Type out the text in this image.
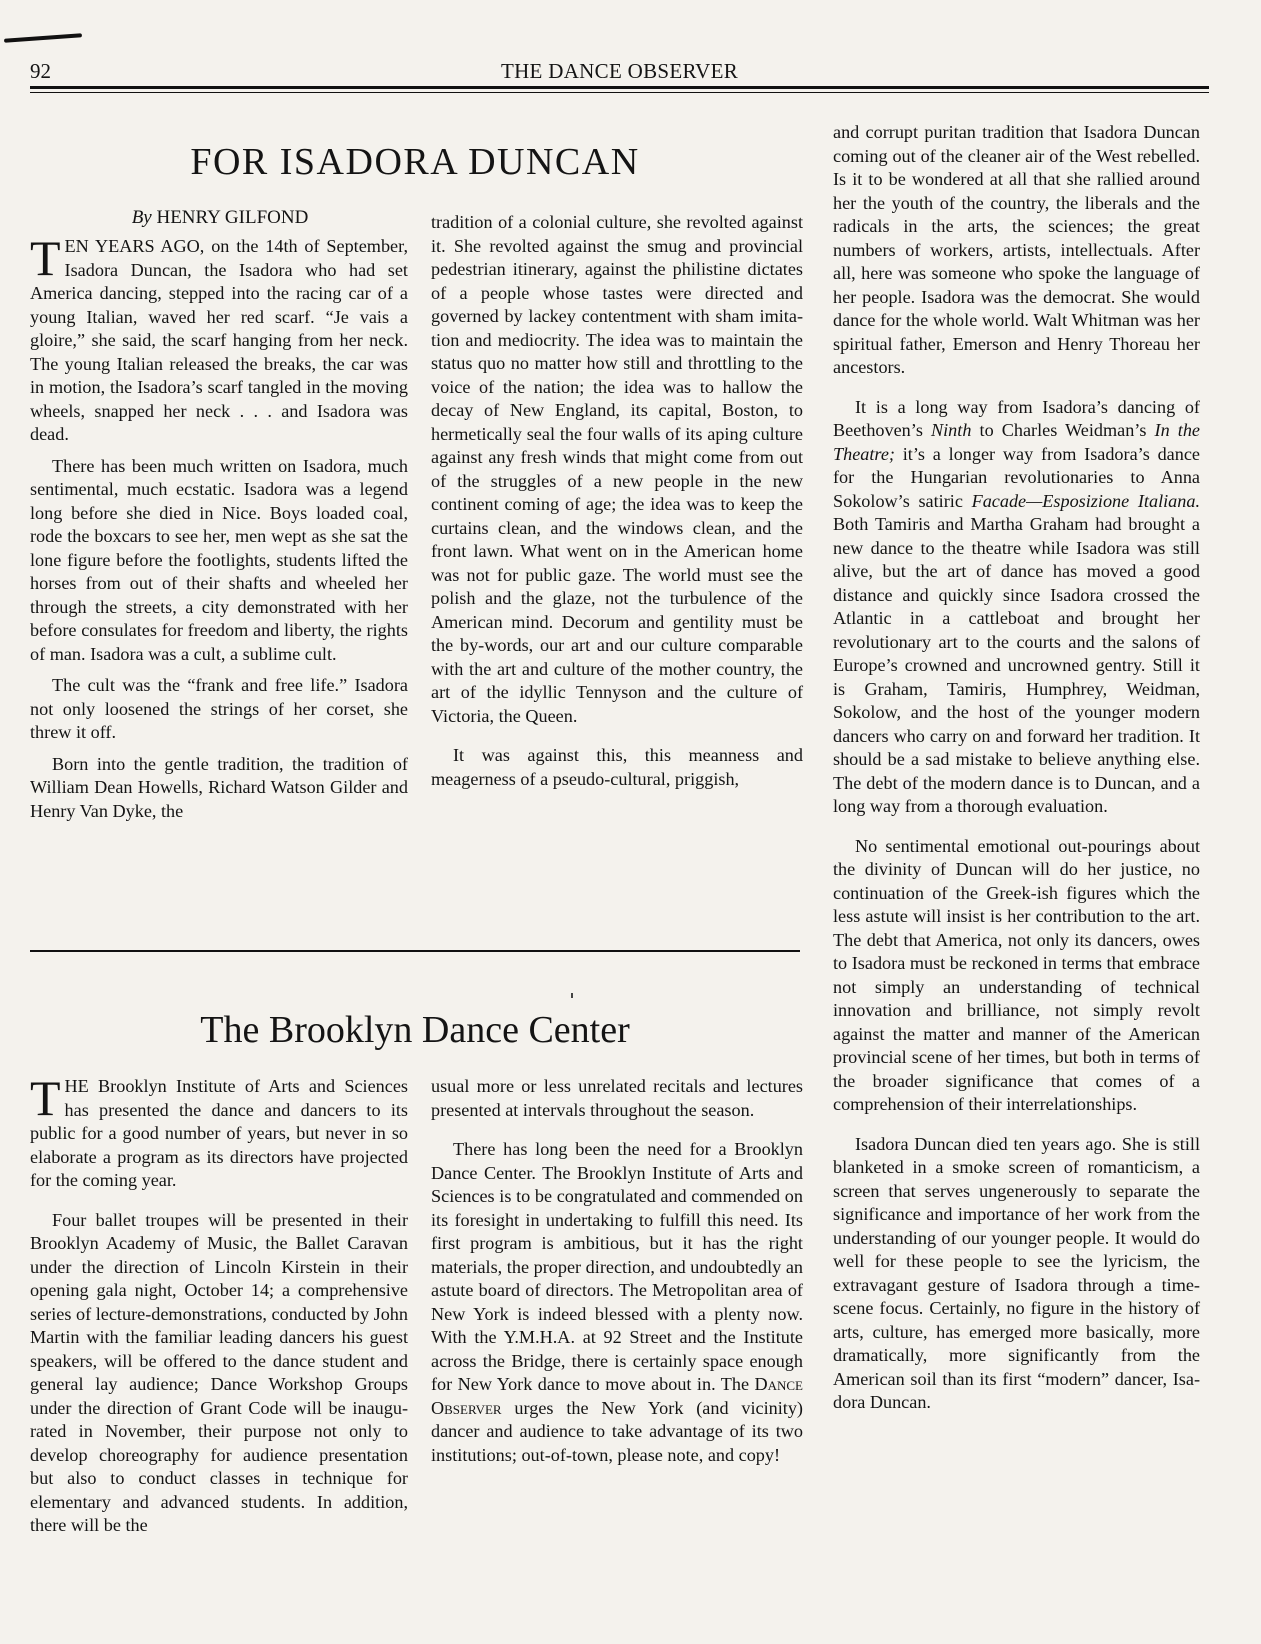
92	THE DANCE OBSERVER
FOR ISADORA DUNCAN
By HENRY GILFOND

TEN YEARS AGO, on the 14th of September, Isadora Duncan, the Isadora who had set America dancing, stepped into the racing car of a young Italian, waved her red scarf. “Je vais a gloire,” she said, the scarf hanging from her neck. The young Italian released the breaks, the car was in motion, the Isadora’s scarf tangled in the moving wheels, snapped her neck . . . and Isadora was dead.

There has been much written on Isadora, much sentimental, much ecstatic. Isadora was a legend long before she died in Nice. Boys loaded coal, rode the boxcars to see her, men wept as she sat the lone figure before the footlights, students lifted the horses from out of their shafts and wheeled her through the streets, a city demonstrated with her before consulates for freedom and liberty, the rights of man. Isadora was a cult, a sublime cult.

The cult was the “frank and free life.” Isadora not only loosened the strings of her corset, she threw it off.

Born into the gentle tradition, the tradition of William Dean Howells, Richard Watson Gilder and Henry Van Dyke, the

tradition of a colonial culture, she revolted against it. She revolted against the smug and provincial pedestrian itinerary, against the philistine dictates of a people whose tastes were directed and governed by lackey contentment with sham imitation and mediocrity. The idea was to maintain the status quo no matter how still and throttling to the voice of the nation; the idea was to hallow the decay of New England, its capital, Boston, to hermetically seal the four walls of its aping culture against any fresh winds that might come from out of the struggles of a new people in the new continent coming of age; the idea was to keep the curtains clean, and the windows clean, and the front lawn. What went on in the American home was not for public gaze. The world must see the polish and the glaze, not the turbulence of the American mind. Decorum and gentility must be the by-words, our art and our culture comparable with the art and culture of the mother country, the art of the idyllic Tennyson and the culture of Victoria, the Queen.

It was against this, this meanness and meagerness of a pseudo-cultural, priggish,

and corrupt puritan tradition that Isadora Duncan coming out of the cleaner air of the West rebelled. Is it to be wondered at all that she rallied around her the youth of the country, the liberals and the radicals in the arts, the sciences; the great numbers of workers, artists, intellectuals. After all, here was someone who spoke the language of her people. Isadora was the democrat. She would dance for the whole world. Walt Whitman was her spiritual father, Emerson and Henry Thoreau her ancestors.

It is a long way from Isadora’s dancing of Beethoven’s Ninth to Charles Weidman’s In the Theatre; it’s a longer way from Isadora’s dance for the Hungarian revolutionaries to Anna Sokolow’s satiric Facade—Esposizione Italiana. Both Tamiris and Martha Graham had brought a new dance to the theatre while Isadora was still alive, but the art of dance has moved a good distance and quickly since Isadora crossed the Atlantic in a cattleboat and brought her revolutionary art to the courts and the salons of Europe’s crowned and uncrowned gentry. Still it is Graham, Tamiris, Humphrey, Weidman, Sokolow, and the host of the younger modern dancers who carry on and forward her tradition. It should be a sad mistake to believe anything else. The debt of the modern dance is to Duncan, and a long way from a thorough evaluation.

No sentimental emotional out-pourings about the divinity of Duncan will do her justice, no continuation of the Greek-ish figures which the less astute will insist is her contribution to the art. The debt that America, not only its dancers, owes to Isadora must be reckoned in terms that embrace not simply an understanding of technical innovation and brilliance, not simply revolt against the matter and manner of the American provincial scene of her times, but both in terms of the broader significance that comes of a comprehension of their interrelationships.

Isadora Duncan died ten years ago. She is still blanketed in a smoke screen of romanticism, a screen that serves ungenerously to separate the significance and importance of her work from the understanding of our younger people. It would do well for these people to see the lyricism, the extravagant gesture of Isadora through a time-scene focus. Certainly, no figure in the history of arts, culture, has emerged more basically, more dramatically, more significantly from the American soil than its first “modern” dancer, Isadora Duncan.

The Brooklyn Dance Center

THE Brooklyn Institute of Arts and Sciences has presented the dance and dancers to its public for a good number of years, but never in so elaborate a program as its directors have projected for the coming year.

Four ballet troupes will be presented in their Brooklyn Academy of Music, the Ballet Caravan under the direction of Lincoln Kirstein in their opening gala night, October 14; a comprehensive series of lecture-demonstrations, conducted by John Martin with the familiar leading dancers his guest speakers, will be offered to the dance student and general lay audience; Dance Workshop Groups under the direction of Grant Code will be inaugurated in November, their purpose not only to develop choreography for audience presentation but also to conduct classes in technique for elementary and advanced students. In addition, there will be the

usual more or less unrelated recitals and lectures presented at intervals throughout the season.

There has long been the need for a Brooklyn Dance Center. The Brooklyn Institute of Arts and Sciences is to be congratulated and commended on its foresight in undertaking to fulfill this need. Its first program is ambitious, but it has the right materials, the proper direction, and undoubtedly an astute board of directors. The Metropolitan area of New York is indeed blessed with a plenty now. With the Y.M.H.A. at 92 Street and the Institute across the Bridge, there is certainly space enough for New York dance to move about in. The Dance Observer urges the New York (and vicinity) dancer and audience to take advantage of its two institutions; out-of-town, please note, and copy!
